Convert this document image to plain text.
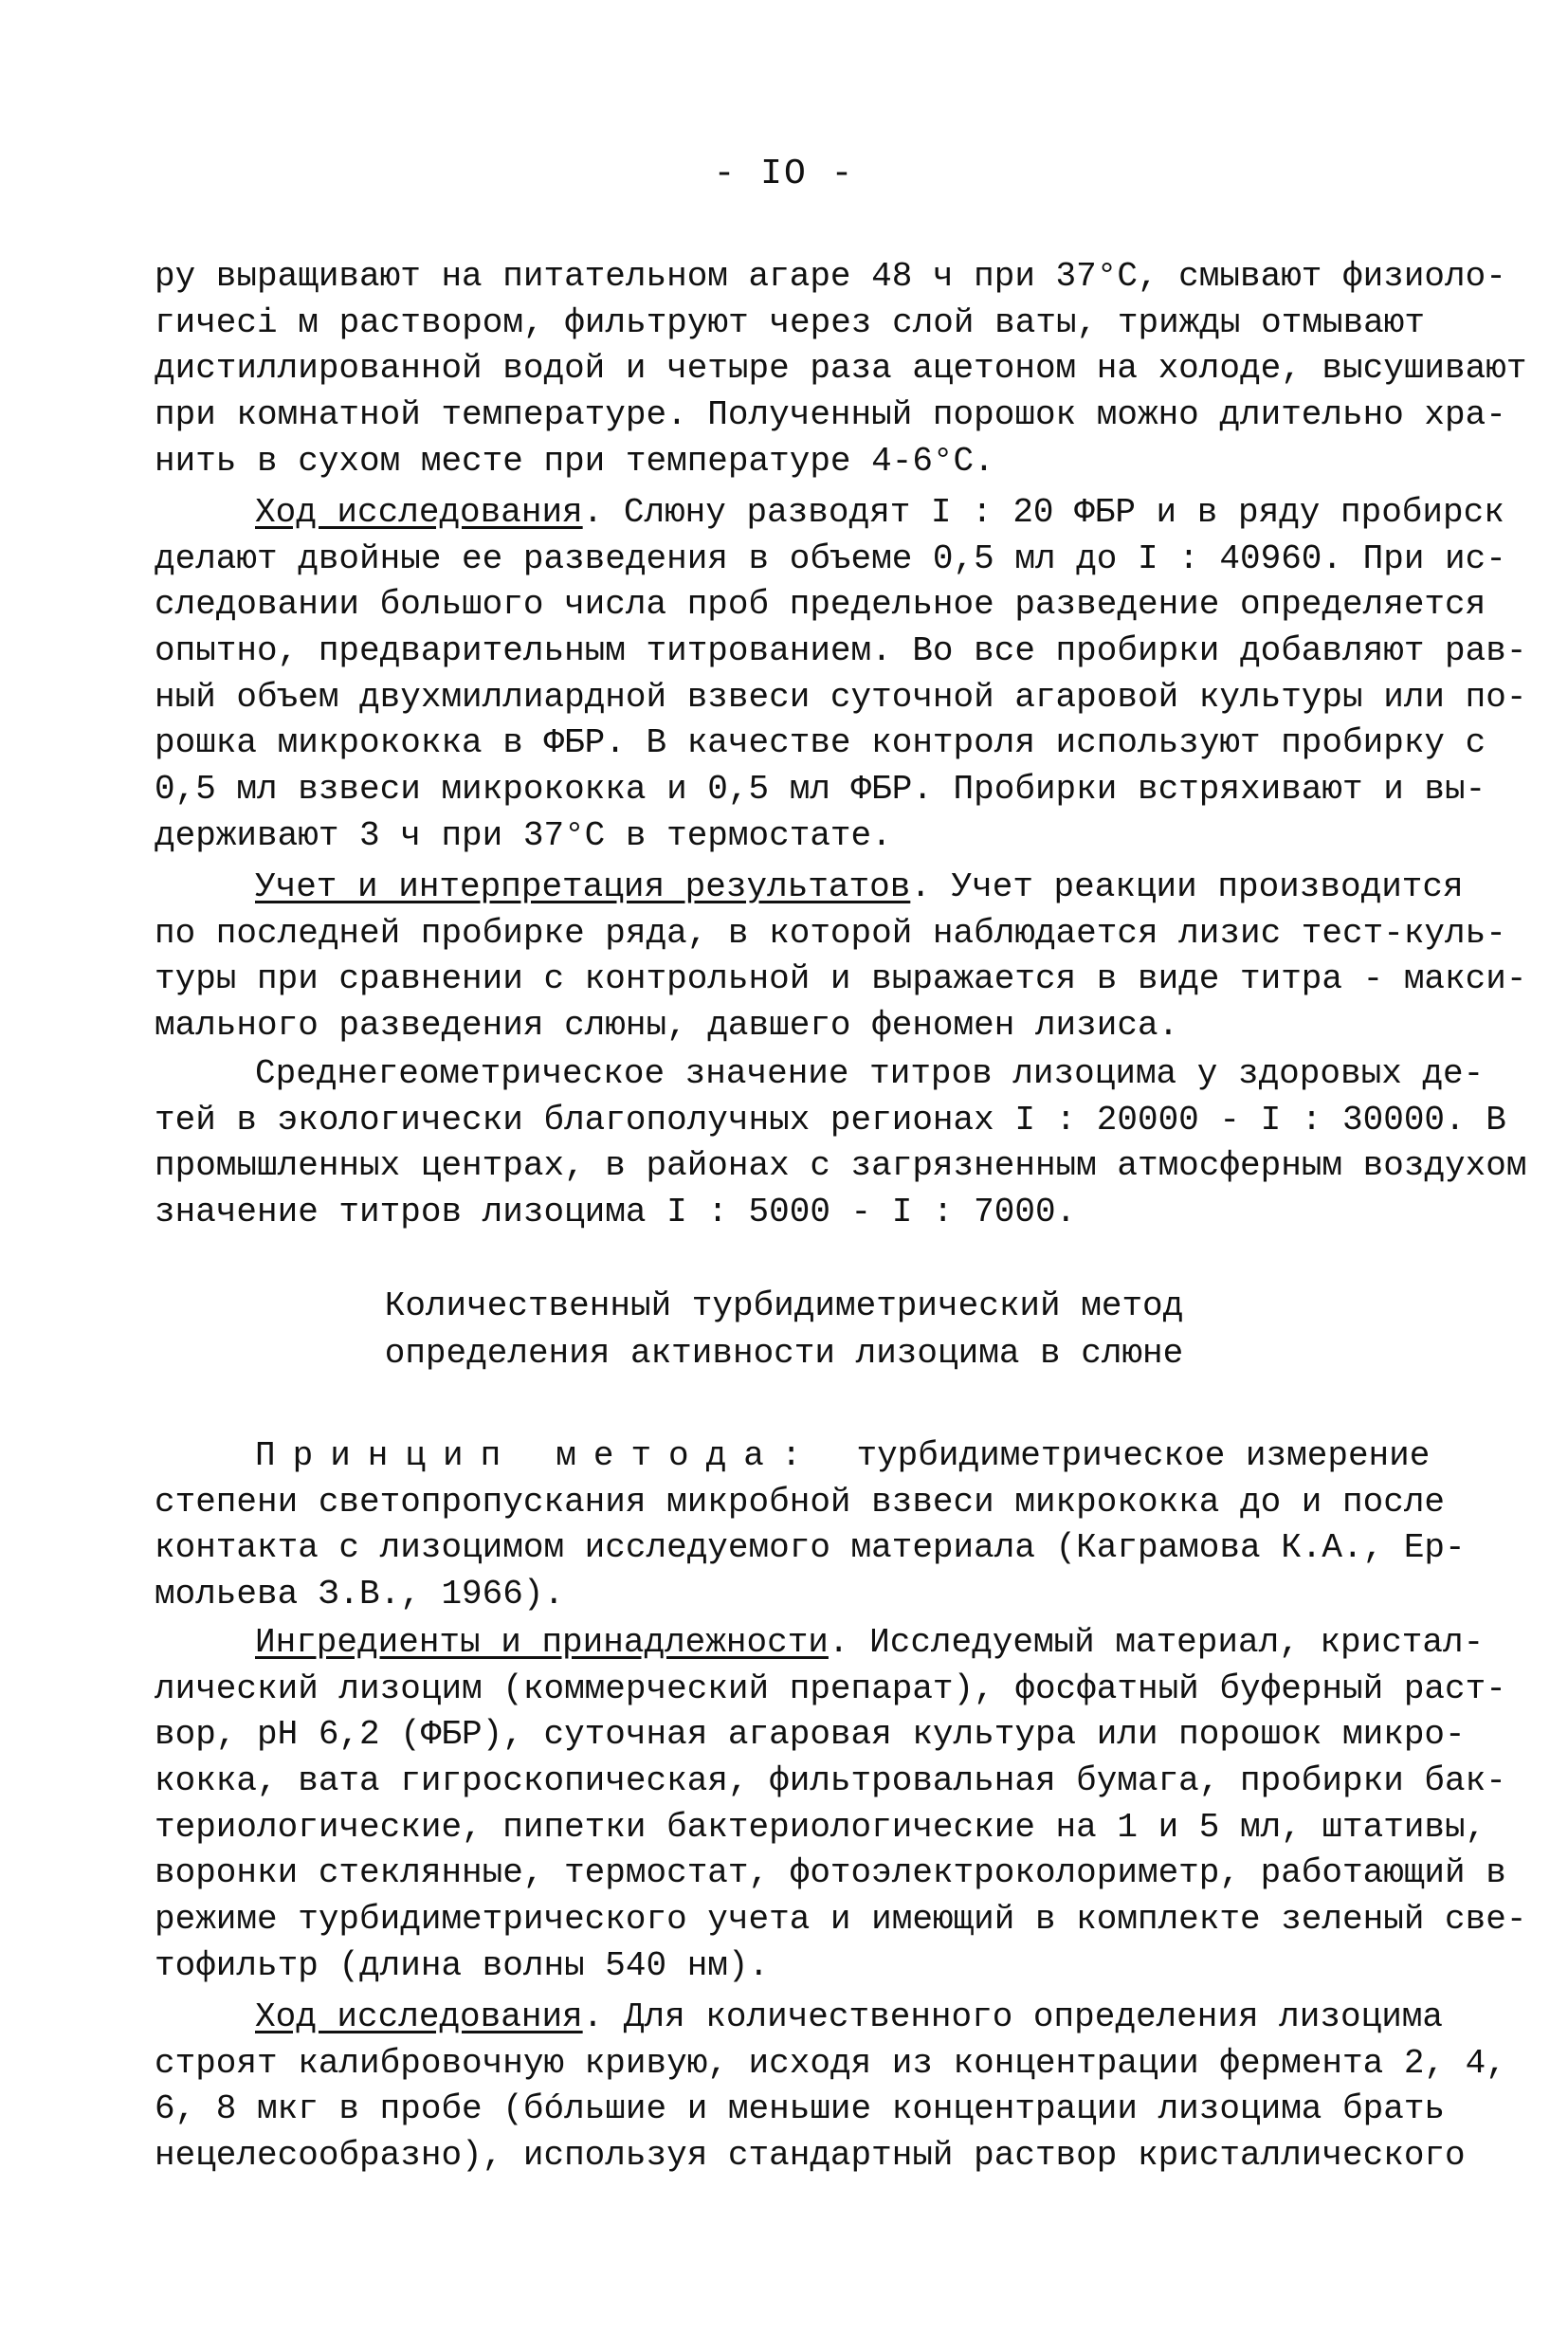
- IO -
ру выращивают на питательном агаре 48 ч при 37°С, смывают физиоло-
гичесі м раствором, фильтруют через слой ваты, трижды отмывают
дистиллированной водой и четыре раза ацетоном на холоде, высушивают
при комнатной температуре. Полученный порошок можно длительно хра-
нить в сухом месте при температуре 4-6°С.
Ход исследования. Слюну разводят I : 20 ФБР и в ряду пробирск
делают двойные ее разведения в объеме 0,5 мл до I : 40960. При ис-
следовании большого числа проб предельное разведение определяется
опытно, предварительным титрованием. Во все пробирки добавляют рав-
ный объем двухмиллиардной взвеси суточной агаровой культуры или по-
рошка микрококка в ФБР. В качестве контроля используют пробирку с
0,5 мл взвеси микрококка и 0,5 мл ФБР. Пробирки встряхивают и вы-
держивают 3 ч при 37°С в термостате.
Учет и интерпретация результатов. Учет реакции производится
по последней пробирке ряда, в которой наблюдается лизис тест-куль-
туры при сравнении с контрольной и выражается в виде титра - макси-
мального разведения слюны, давшего феномен лизиса.
Среднегеометрическое значение титров лизоцима у здоровых де-
тей в экологически благополучных регионах I : 20000 - I : 30000. В
промышленных центрах, в районах с загрязненным атмосферным воздухом
значение титров лизоцима I : 5000 - I : 7000.
Количественный турбидиметрический метод
определения активности лизоцима в слюне
Принцип метода: турбидиметрическое измерение
степени светопропускания микробной взвеси микрококка до и после
контакта с лизоцимом исследуемого материала (Каграмова К.А., Ер-
мольева З.В., 1966).
Ингредиенты и принадлежности. Исследуемый материал, кристал-
лический лизоцим (коммерческий препарат), фосфатный буферный раст-
вор, рН 6,2 (ФБР), суточная агаровая культура или порошок микро-
кокка, вата гигроскопическая, фильтровальная бумага, пробирки бак-
териологические, пипетки бактериологические на 1 и 5 мл, штативы,
воронки стеклянные, термостат, фотоэлектроколориметр, работающий в
режиме турбидиметрического учета и имеющий в комплекте зеленый све-
тофильтр (длина волны 540 нм).
Ход исследования. Для количественного определения лизоцима
строят калибровочную кривую, исходя из концентрации фермента 2, 4,
6, 8 мкг в пробе (бóльшие и меньшие концентрации лизоцима брать
нецелесообразно), используя стандартный раствор кристаллического
